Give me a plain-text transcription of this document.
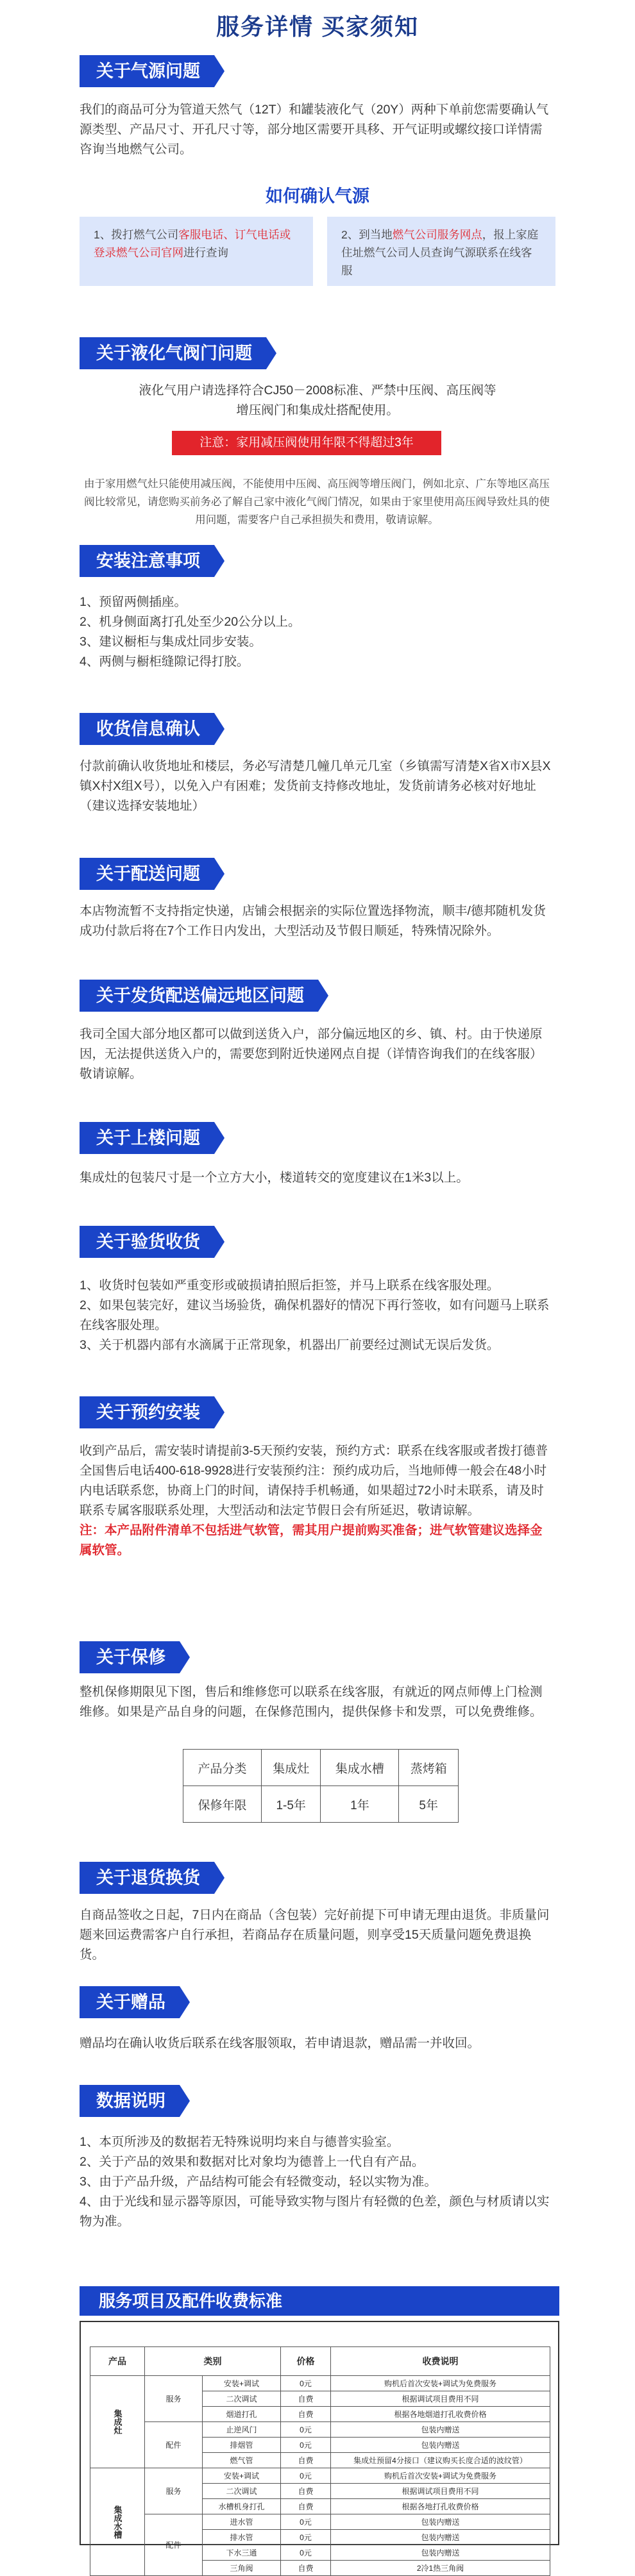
服务详情 买家须知
关于气源问题

我们的商品可分为管道天然气（12T）和罐装液化气（20Y）两种下单前您需要确认气源类型、产品尺寸、开孔尺寸等，部分地区需要开具移、开气证明或螺纹接口详情需咨询当地燃气公司。

如何确认气源
1、拨打燃气公司客服电话、订气电话或登录燃气公司官网进行查询
2、到当地燃气公司服务网点，报上家庭住址燃气公司人员查询气源联系在线客服
关于液化气阀门问题

液化气用户请选择符合CJ50－2008标准、严禁中压阀、高压阀等增压阀门和集成灶搭配使用。

注意：家用减压阀使用年限不得超过3年

由于家用燃气灶只能使用减压阀，不能使用中压阀、高压阀等增压阀门，例如北京、广东等地区高压阀比较常见，请您购买前务必了解自己家中液化气阀门情况，如果由于家里使用高压阀导致灶具的使用问题，需要客户自己承担损失和费用，敬请谅解。

安装注意事项

1、预留两侧插座。

2、机身侧面离打孔处至少20公分以上。

3、建议橱柜与集成灶同步安装。

4、两侧与橱柜缝隙记得打胶。

收货信息确认

付款前确认收货地址和楼层，务必写清楚几幢几单元几室（乡镇需写清楚X省X市X县X镇X村X组X号），以免入户有困难；发货前支持修改地址，发货前请务必核对好地址（建议选择安装地址）

关于配送问题

本店物流暂不支持指定快递，店铺会根据亲的实际位置选择物流，顺丰/德邦随机发货成功付款后将在7个工作日内发出，大型活动及节假日顺延，特殊情况除外。

关于发货配送偏远地区问题

我司全国大部分地区都可以做到送货入户，部分偏远地区的乡、镇、村。由于快递原因，无法提供送货入户的，需要您到附近快递网点自提（详情咨询我们的在线客服）敬请谅解。

关于上楼问题

集成灶的包装尺寸是一个立方大小，楼道转交的宽度建议在1米3以上。

关于验货收货

1、收货时包装如严重变形或破损请拍照后拒签，并马上联系在线客服处理。

2、如果包装完好，建议当场验货，确保机器好的情况下再行签收，如有问题马上联系在线客服处理。

3、关于机器内部有水滴属于正常现象，机器出厂前要经过测试无误后发货。

关于预约安装

收到产品后，需安装时请提前3-5天预约安装，预约方式：联系在线客服或者拨打德普全国售后电话400-618-9928进行安装预约注：预约成功后，当地师傅一般会在48小时内电话联系您，协商上门的时间，请保持手机畅通，如果超过72小时未联系，请及时联系专属客服联系处理，大型活动和法定节假日会有所延迟，敬请谅解。

注：本产品附件清单不包括进气软管，需其用户提前购买准备；进气软管建议选择金属软管。

关于保修

整机保修期限见下图，售后和维修您可以联系在线客服，有就近的网点师傅上门检测维修。如果是产品自身的问题，在保修范围内，提供保修卡和发票，可以免费维修。

产品分类	集成灶	集成水槽	蒸烤箱
保修年限	1-5年	1年	5年
关于退货换货

自商品签收之日起，7日内在商品（含包装）完好前提下可申请无理由退货。非质量问题来回运费需客户自行承担，若商品存在质量问题，则享受15天质量问题免费退换货。

关于赠品

赠品均在确认收货后联系在线客服领取，若申请退款，赠品需一并收回。

数据说明

1、本页所涉及的数据若无特殊说明均来自与德普实验室。

2、关于产品的效果和数据对比对象均为德普上一代自有产品。

3、由于产品升级，产品结构可能会有轻微变动，轻以实物为准。

4、由于光线和显示器等原因，可能导致实物与图片有轻微的色差，颜色与材质请以实物为准。

服务项目及配件收费标准
产品	类别		价格	收费说明
集成灶	服务	安装+调试	0元	购机后首次安装+调试为免费服务
		二次调试	自费	根据调试项目费用不同
		烟道打孔	自费	根据各地烟道打孔收费价格
	配件	止逆风门	0元	包装内赠送
		排烟管	0元	包装内赠送
		燃气管	自费	集成灶预留4分接口（建议购买长度合适的波纹管）
集成水槽	服务	安装+调试	0元	购机后首次安装+调试为免费服务
		二次调试	自费	根据调试项目费用不同
		水槽机身打孔	自费	根据各地打孔收费价格
	配件	进水管	0元	包装内赠送
		排水管	0元	包装内赠送
		下水三通	0元	包装内赠送
		三角阀	自费	2冷1热三角阀
